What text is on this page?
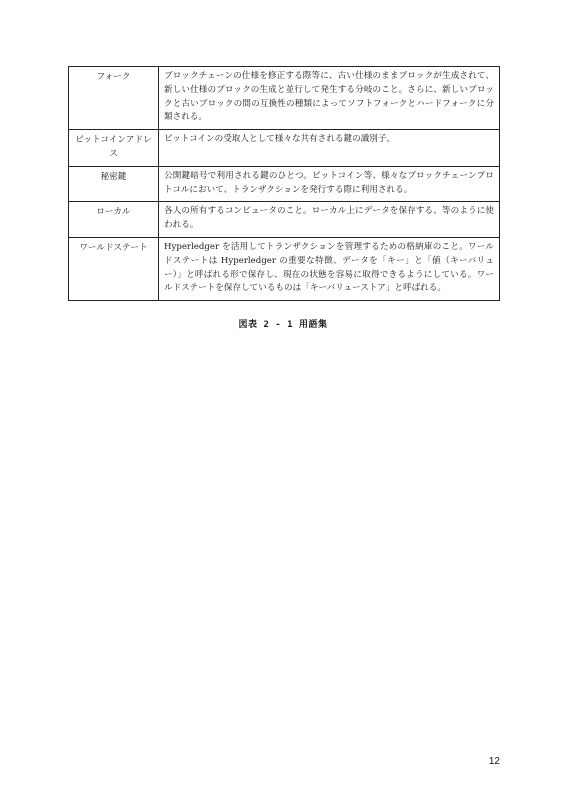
フォーク	ブロックチェーンの仕様を修正する際等に、古い仕様のままブロックが生成されて、新しい仕様のブロックの生成と並行して発生する分岐のこと。さらに、新しいブロックと古いブロックの間の互換性の種類によってソフトフォークとハードフォークに分類される。
ビットコインアドレス	ビットコインの受取人として様々な共有される鍵の識別子。
秘密鍵	公開鍵暗号で利用される鍵のひとつ。ビットコイン等、様々なブロックチェーンプロトコルにおいて、トランザクションを発行する際に利用される。
ローカル	各人の所有するコンピュータのこと。ローカル上にデータを保存する、等のように使われる。
ワールドステート	Hyperledger を活用してトランザクションを管理するための格納庫のこと。ワールドステートは Hyperledger の重要な特徴、データを「キー」と「値（キーバリュー）」と呼ばれる形で保存し、現在の状態を容易に取得できるようにしている。ワールドステートを保存しているものは「キーバリューストア」と呼ばれる。
図表 2 - 1 用語集
12
